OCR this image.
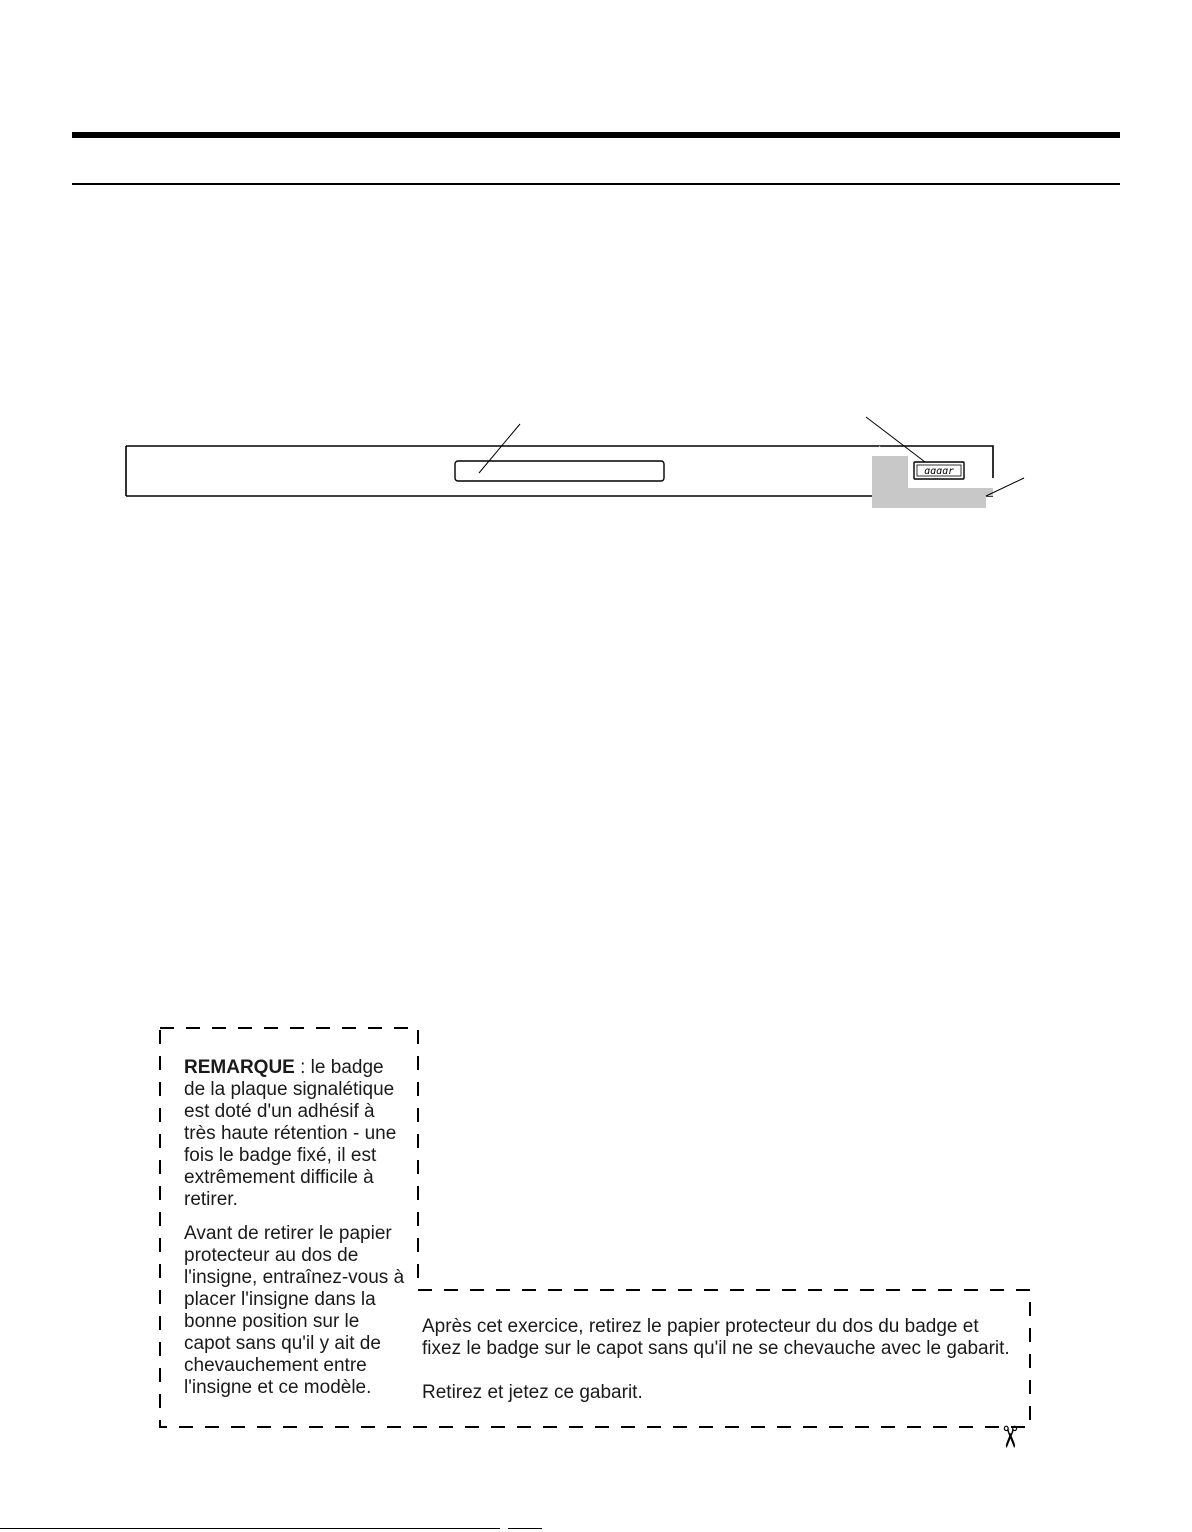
ɑɑɑɑr

REMARQUE : le badge de la plaque signalétique est doté d'un adhésif à très haute rétention - une fois le badge fixé, il est extrêmement difficile à retirer.

Avant de retirer le papier protecteur au dos de l'insigne, entraînez-vous à placer l'insigne dans la bonne position sur le capot sans qu'il y ait de chevauchement entre l'insigne et ce modèle.

Après cet exercice, retirez le papier protecteur du dos du badge et fixez le badge sur le capot sans qu'il ne se chevauche avec le gabarit.

Retirez et jetez ce gabarit.

✂
